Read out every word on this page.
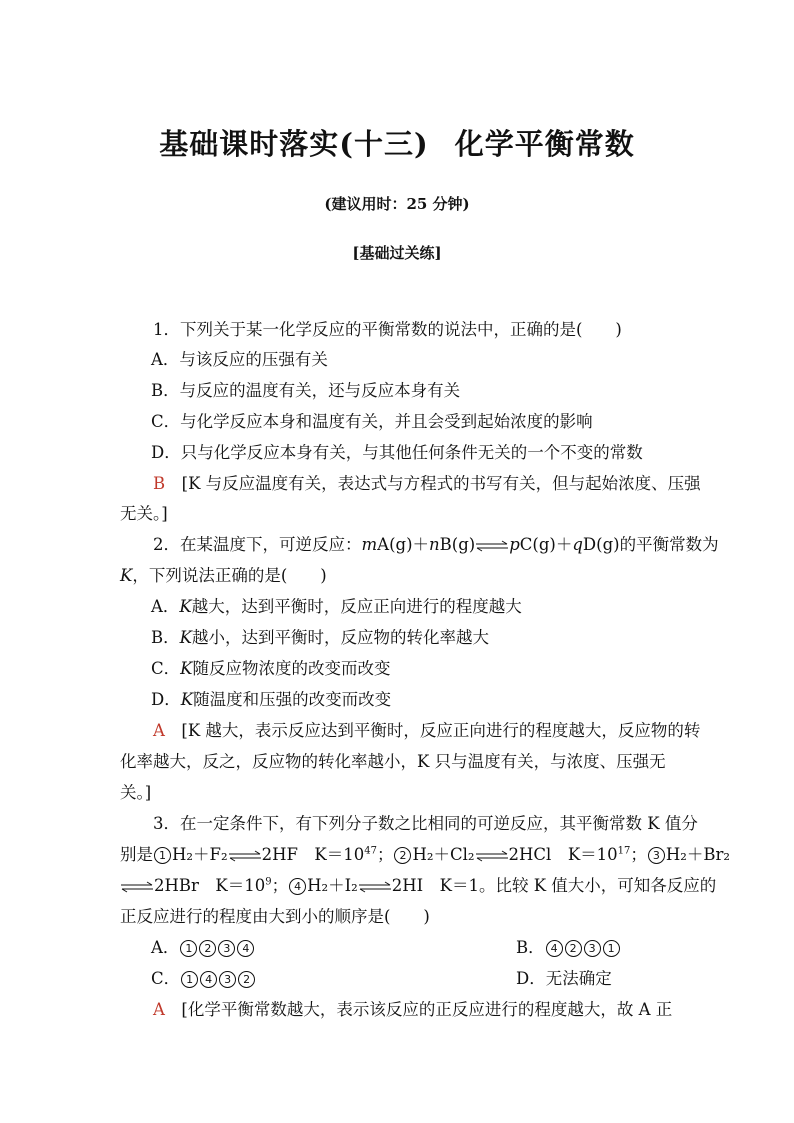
基础课时落实(十三) 化学平衡常数
(建议用时：25 分钟)
[基础过关练]
1．下列关于某一化学反应的平衡常数的说法中，正确的是(　　)
A．与该反应的压强有关
B．与反应的温度有关，还与反应本身有关
C．与化学反应本身和温度有关，并且会受到起始浓度的影响
D．只与化学反应本身有关，与其他任何条件无关的一个不变的常数
B　 [K 与反应温度有关，表达式与方程式的书写有关，但与起始浓度、压强
无关。]
2．在某温度下，可逆反应：mA(g)＋nB(g)⇌pC(g)＋qD(g)的平衡常数为
K，下列说法正确的是(　　)
A．K越大，达到平衡时，反应正向进行的程度越大
B．K越小，达到平衡时，反应物的转化率越大
C．K随反应物浓度的改变而改变
D．K随温度和压强的改变而改变
A　 [K 越大，表示反应达到平衡时，反应正向进行的程度越大，反应物的转
化率越大，反之，反应物的转化率越小，K 只与温度有关，与浓度、压强无
关。]
3．在一定条件下，有下列分子数之比相同的可逆反应，其平衡常数 K 值分
别是 1 H₂＋F₂⇌2HF　 $K=10^{47}$； 2 H₂＋Cl₂⇌2HCl　 $K=10^{17}$； 3 H₂＋Br₂
⇌2HBr　 $K=10^9$； 4 H₂＋I₂⇌2HI　 K＝1。比较 K 值大小，可知各反应的
正反应进行的程度由大到小的顺序是(　　)
A． 1 2 3 4	B． 4 2 3 1
C． 1 4 3 2	D．无法确定
A　 [化学平衡常数越大，表示该反应的正反应进行的程度越大，故 A 正
